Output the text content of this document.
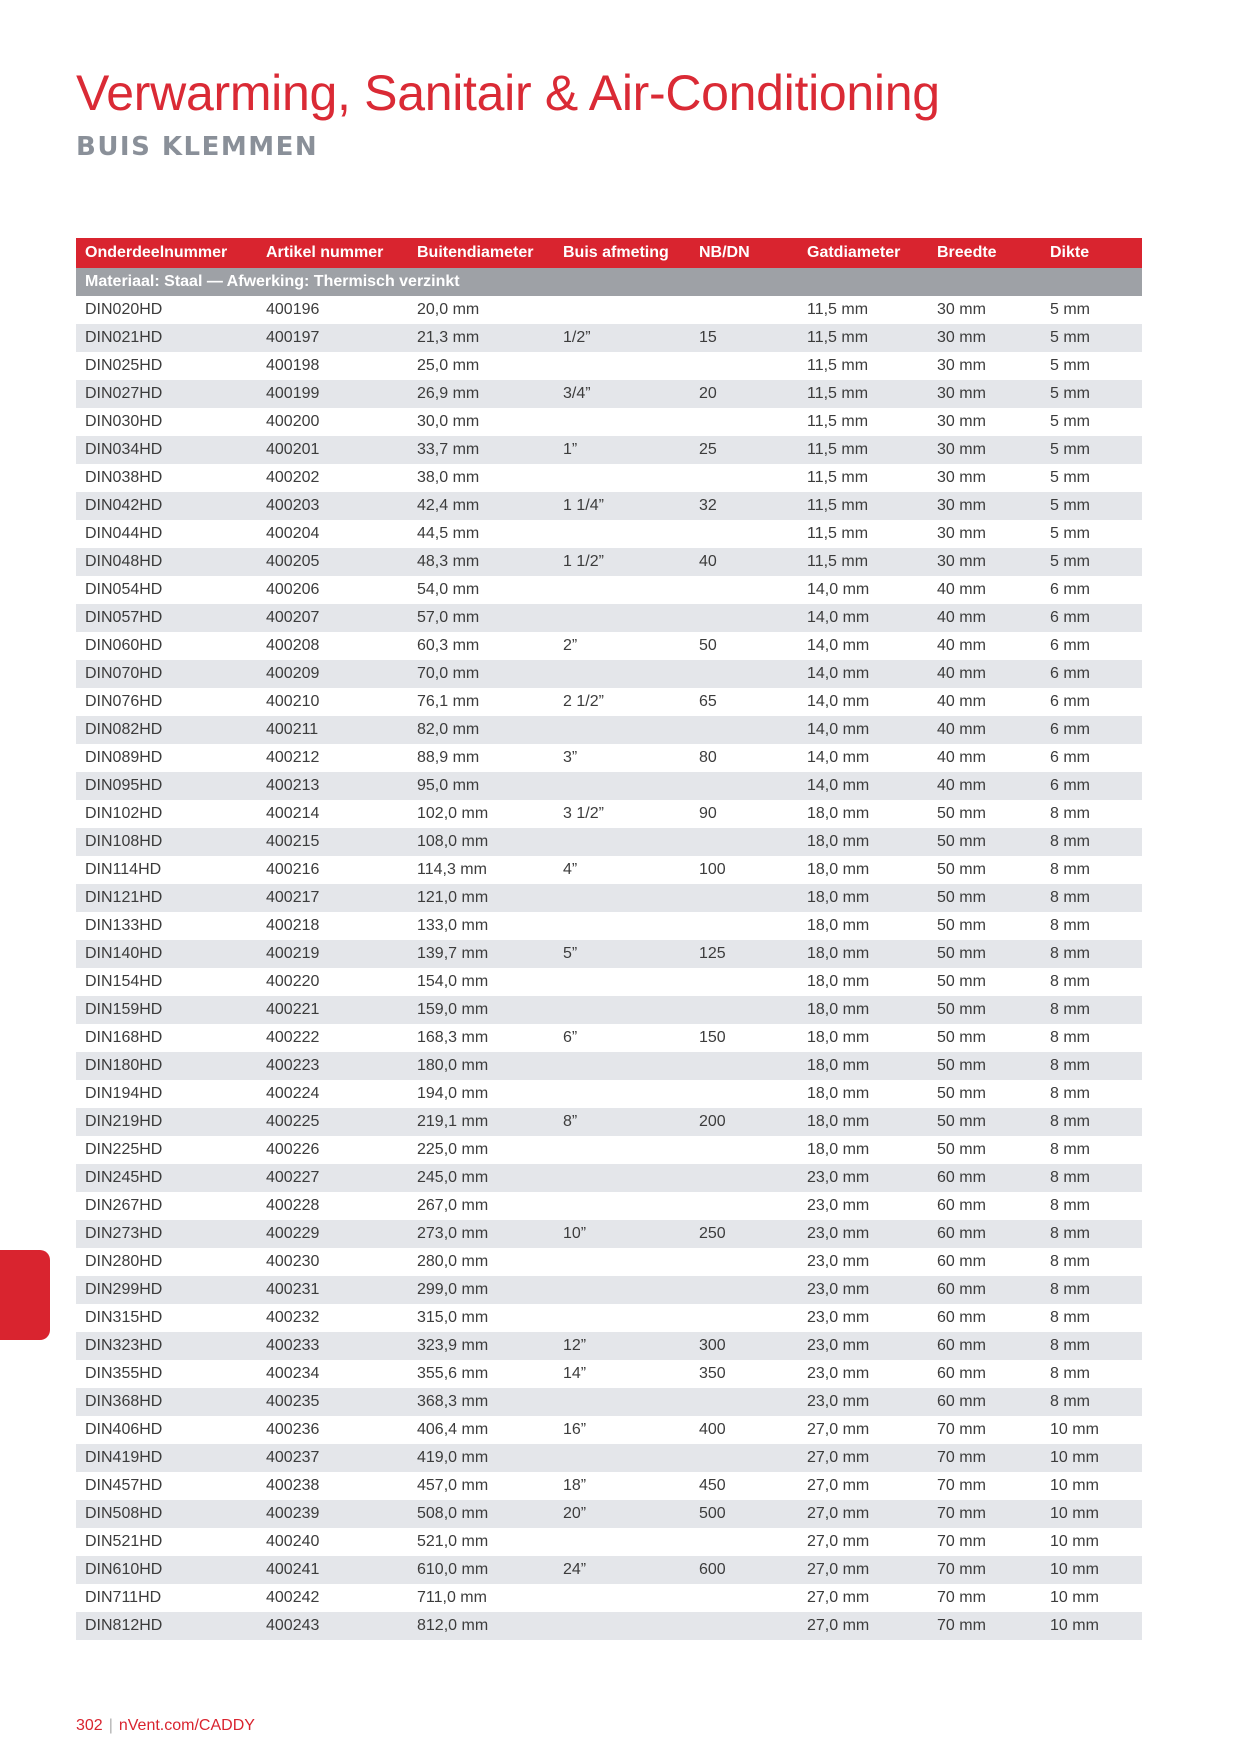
Verwarming, Sanitair & Air-Conditioning
BUIS KLEMMEN
Onderdeelnummer	Artikel nummer	Buitendiameter	Buis afmeting	NB/DN	Gatdiameter	Breedte	Dikte
Materiaal: Staal — Afwerking: Thermisch verzinkt							
DIN020HD	400196	20,0 mm			11,5 mm	30 mm	5 mm
DIN021HD	400197	21,3 mm	1/2”	15	11,5 mm	30 mm	5 mm
DIN025HD	400198	25,0 mm			11,5 mm	30 mm	5 mm
DIN027HD	400199	26,9 mm	3/4”	20	11,5 mm	30 mm	5 mm
DIN030HD	400200	30,0 mm			11,5 mm	30 mm	5 mm
DIN034HD	400201	33,7 mm	1”	25	11,5 mm	30 mm	5 mm
DIN038HD	400202	38,0 mm			11,5 mm	30 mm	5 mm
DIN042HD	400203	42,4 mm	1 1/4”	32	11,5 mm	30 mm	5 mm
DIN044HD	400204	44,5 mm			11,5 mm	30 mm	5 mm
DIN048HD	400205	48,3 mm	1 1/2”	40	11,5 mm	30 mm	5 mm
DIN054HD	400206	54,0 mm			14,0 mm	40 mm	6 mm
DIN057HD	400207	57,0 mm			14,0 mm	40 mm	6 mm
DIN060HD	400208	60,3 mm	2”	50	14,0 mm	40 mm	6 mm
DIN070HD	400209	70,0 mm			14,0 mm	40 mm	6 mm
DIN076HD	400210	76,1 mm	2 1/2”	65	14,0 mm	40 mm	6 mm
DIN082HD	400211	82,0 mm			14,0 mm	40 mm	6 mm
DIN089HD	400212	88,9 mm	3”	80	14,0 mm	40 mm	6 mm
DIN095HD	400213	95,0 mm			14,0 mm	40 mm	6 mm
DIN102HD	400214	102,0 mm	3 1/2”	90	18,0 mm	50 mm	8 mm
DIN108HD	400215	108,0 mm			18,0 mm	50 mm	8 mm
DIN114HD	400216	114,3 mm	4”	100	18,0 mm	50 mm	8 mm
DIN121HD	400217	121,0 mm			18,0 mm	50 mm	8 mm
DIN133HD	400218	133,0 mm			18,0 mm	50 mm	8 mm
DIN140HD	400219	139,7 mm	5”	125	18,0 mm	50 mm	8 mm
DIN154HD	400220	154,0 mm			18,0 mm	50 mm	8 mm
DIN159HD	400221	159,0 mm			18,0 mm	50 mm	8 mm
DIN168HD	400222	168,3 mm	6”	150	18,0 mm	50 mm	8 mm
DIN180HD	400223	180,0 mm			18,0 mm	50 mm	8 mm
DIN194HD	400224	194,0 mm			18,0 mm	50 mm	8 mm
DIN219HD	400225	219,1 mm	8”	200	18,0 mm	50 mm	8 mm
DIN225HD	400226	225,0 mm			18,0 mm	50 mm	8 mm
DIN245HD	400227	245,0 mm			23,0 mm	60 mm	8 mm
DIN267HD	400228	267,0 mm			23,0 mm	60 mm	8 mm
DIN273HD	400229	273,0 mm	10”	250	23,0 mm	60 mm	8 mm
DIN280HD	400230	280,0 mm			23,0 mm	60 mm	8 mm
DIN299HD	400231	299,0 mm			23,0 mm	60 mm	8 mm
DIN315HD	400232	315,0 mm			23,0 mm	60 mm	8 mm
DIN323HD	400233	323,9 mm	12”	300	23,0 mm	60 mm	8 mm
DIN355HD	400234	355,6 mm	14”	350	23,0 mm	60 mm	8 mm
DIN368HD	400235	368,3 mm			23,0 mm	60 mm	8 mm
DIN406HD	400236	406,4 mm	16”	400	27,0 mm	70 mm	10 mm
DIN419HD	400237	419,0 mm			27,0 mm	70 mm	10 mm
DIN457HD	400238	457,0 mm	18”	450	27,0 mm	70 mm	10 mm
DIN508HD	400239	508,0 mm	20”	500	27,0 mm	70 mm	10 mm
DIN521HD	400240	521,0 mm			27,0 mm	70 mm	10 mm
DIN610HD	400241	610,0 mm	24”	600	27,0 mm	70 mm	10 mm
DIN711HD	400242	711,0 mm			27,0 mm	70 mm	10 mm
DIN812HD	400243	812,0 mm			27,0 mm	70 mm	10 mm
302 | nVent.com/CADDY
